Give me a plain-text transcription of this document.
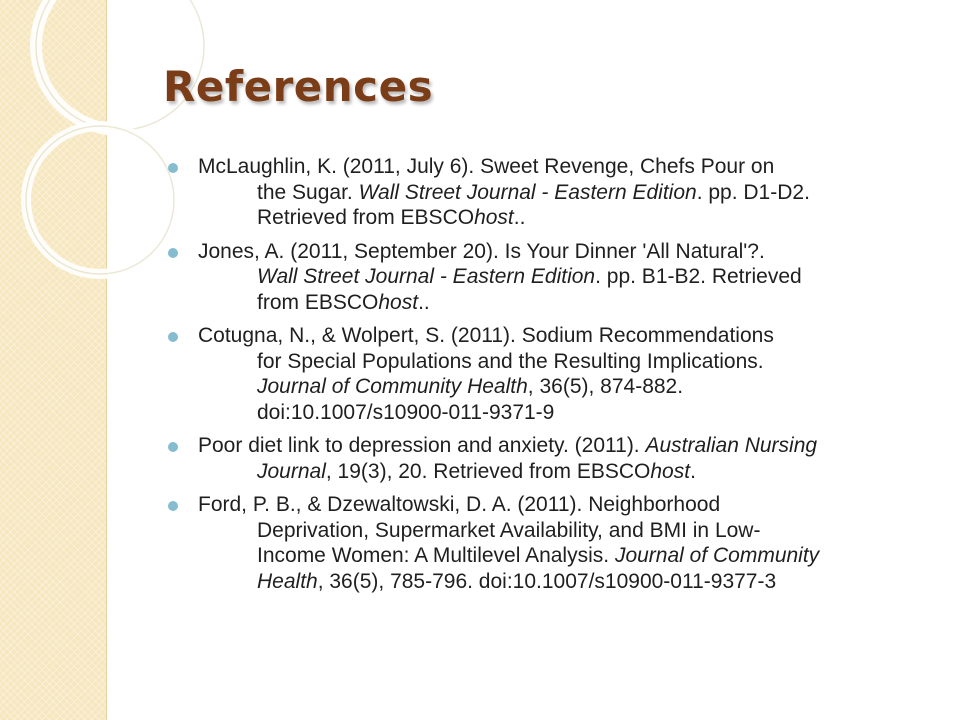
References
McLaughlin, K. (2011, July 6). Sweet Revenge, Chefs Pour on
the Sugar. Wall Street Journal - Eastern Edition. pp. D1-D2.
Retrieved from EBSCOhost..
Jones, A. (2011, September 20). Is Your Dinner 'All Natural'?.
Wall Street Journal - Eastern Edition. pp. B1-B2. Retrieved
from EBSCOhost..
Cotugna, N., & Wolpert, S. (2011). Sodium Recommendations
for Special Populations and the Resulting Implications.
Journal of Community Health, 36(5), 874-882.
doi:10.1007/s10900-011-9371-9
Poor diet link to depression and anxiety. (2011). Australian Nursing
Journal, 19(3), 20. Retrieved from EBSCOhost.
Ford, P. B., & Dzewaltowski, D. A. (2011). Neighborhood
Deprivation, Supermarket Availability, and BMI in Low-
Income Women: A Multilevel Analysis. Journal of Community
Health, 36(5), 785-796. doi:10.1007/s10900-011-9377-3
